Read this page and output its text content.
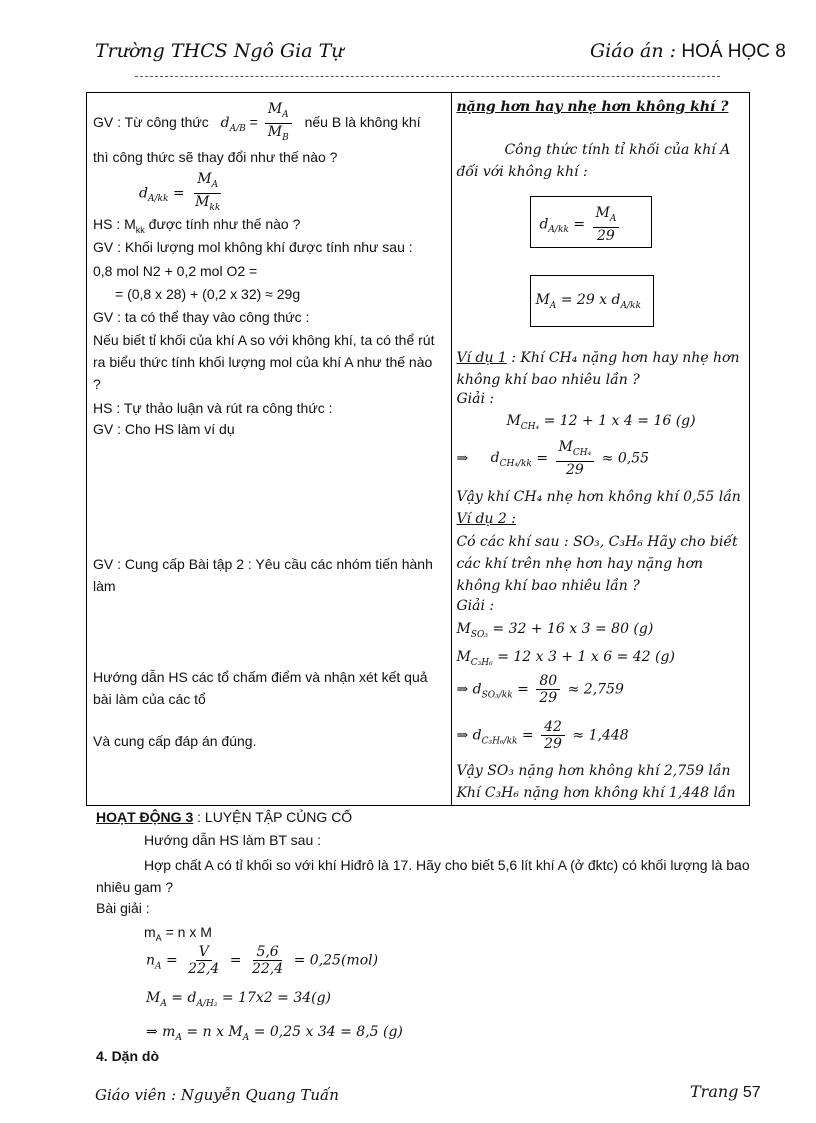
Trường THCS Ngô Gia Tự	Giáo án : HOÁ HỌC 8
GV : Từ công thức $d_{A/B} = \frac{M_A}{M_B}$ nếu B là không khí
thì công thức sẽ thay đổi như thế nào ?
$d_{A/kk} = \frac{M_A}{M_{kk}}$
HS : $M_{kk}$ được tính như thế nào ?
GV : Khối lượng mol không khí được tính như sau :
0,8 mol N2 + 0,2 mol O2 =
= (0,8 x 28) + (0,2 x 32) ≈ 29g
GV : ta có thể thay vào công thức :
Nếu biết tỉ khối của khí A so với không khí, ta có thể rút ra biểu thức tính khối lượng mol của khí A như thế nào ?
HS : Tự thảo luận và rút ra công thức :
GV : Cho HS làm ví dụ
GV : Cung cấp Bài tập 2 : Yêu cầu các nhóm tiến hành làm
Hướng dẫn HS các tổ chấm điểm và nhận xét kết quả bài làm của các tổ
Và cung cấp đáp án đúng.

nặng hơn hay nhẹ hơn không khí ?
Công thức tính tỉ khối của khí A đối với không khí :
$d_{A/kk} = \frac{M_A}{29}$
$M_A = 29$ x $d_{A/kk}$
Ví dụ 1 : Khí CH₄ nặng hơn hay nhẹ hơn không khí bao nhiêu lần ?
Giải :
$M_{CH_4} = 12 + 1$ x 4 = 16 (g)
⇒ $d_{CH_4/kk} = \frac{M_{CH_4}}{29} \approx 0,55$
Vậy khí CH₄ nhẹ hơn không khí 0,55 lần
Ví dụ 2 :
Có các khí sau : SO₃, C₃H₆ Hãy cho biết các khí trên nhẹ hơn hay nặng hơn không khí bao nhiêu lần ?
Giải :
$M_{SO_3} = 32 + 16$ x 3 = 80 (g)
$M_{C_3H_6} = 12$ x 3 + 1 x 6 = 42 (g)
⇒ $d_{SO_3/kk} = \frac{80}{29} \approx 2,759$
⇒ $d_{C_3H_6/kk} = \frac{42}{29} \approx 1,448$
Vậy SO₃ nặng hơn không khí 2,759 lần
Khí C₃H₆ nặng hơn không khí 1,448 lần
HOẠT ĐỘNG 3 : LUYỆN TẬP CỦNG CỐ
Hướng dẫn HS làm BT sau :
Hợp chất A có tỉ khối so với khí Hiđrô là 17. Hãy cho biết 5,6 lít khí A (ở đktc) có khối lượng là bao nhiêu gam ?
Bài giải :
$m_A = n$ x M
$n_A = \frac{V}{22,4} = \frac{5,6}{22,4} = 0,25(mol)$
$M_A = d_{A/H_2} = 17x2 = 34(g)$
⇒ $m_A = n$ x $M_A = 0,25$ x 34 = 8,5 (g)
4. Dặn dò
Giáo viên : Nguyễn Quang Tuấn	Trang 57
